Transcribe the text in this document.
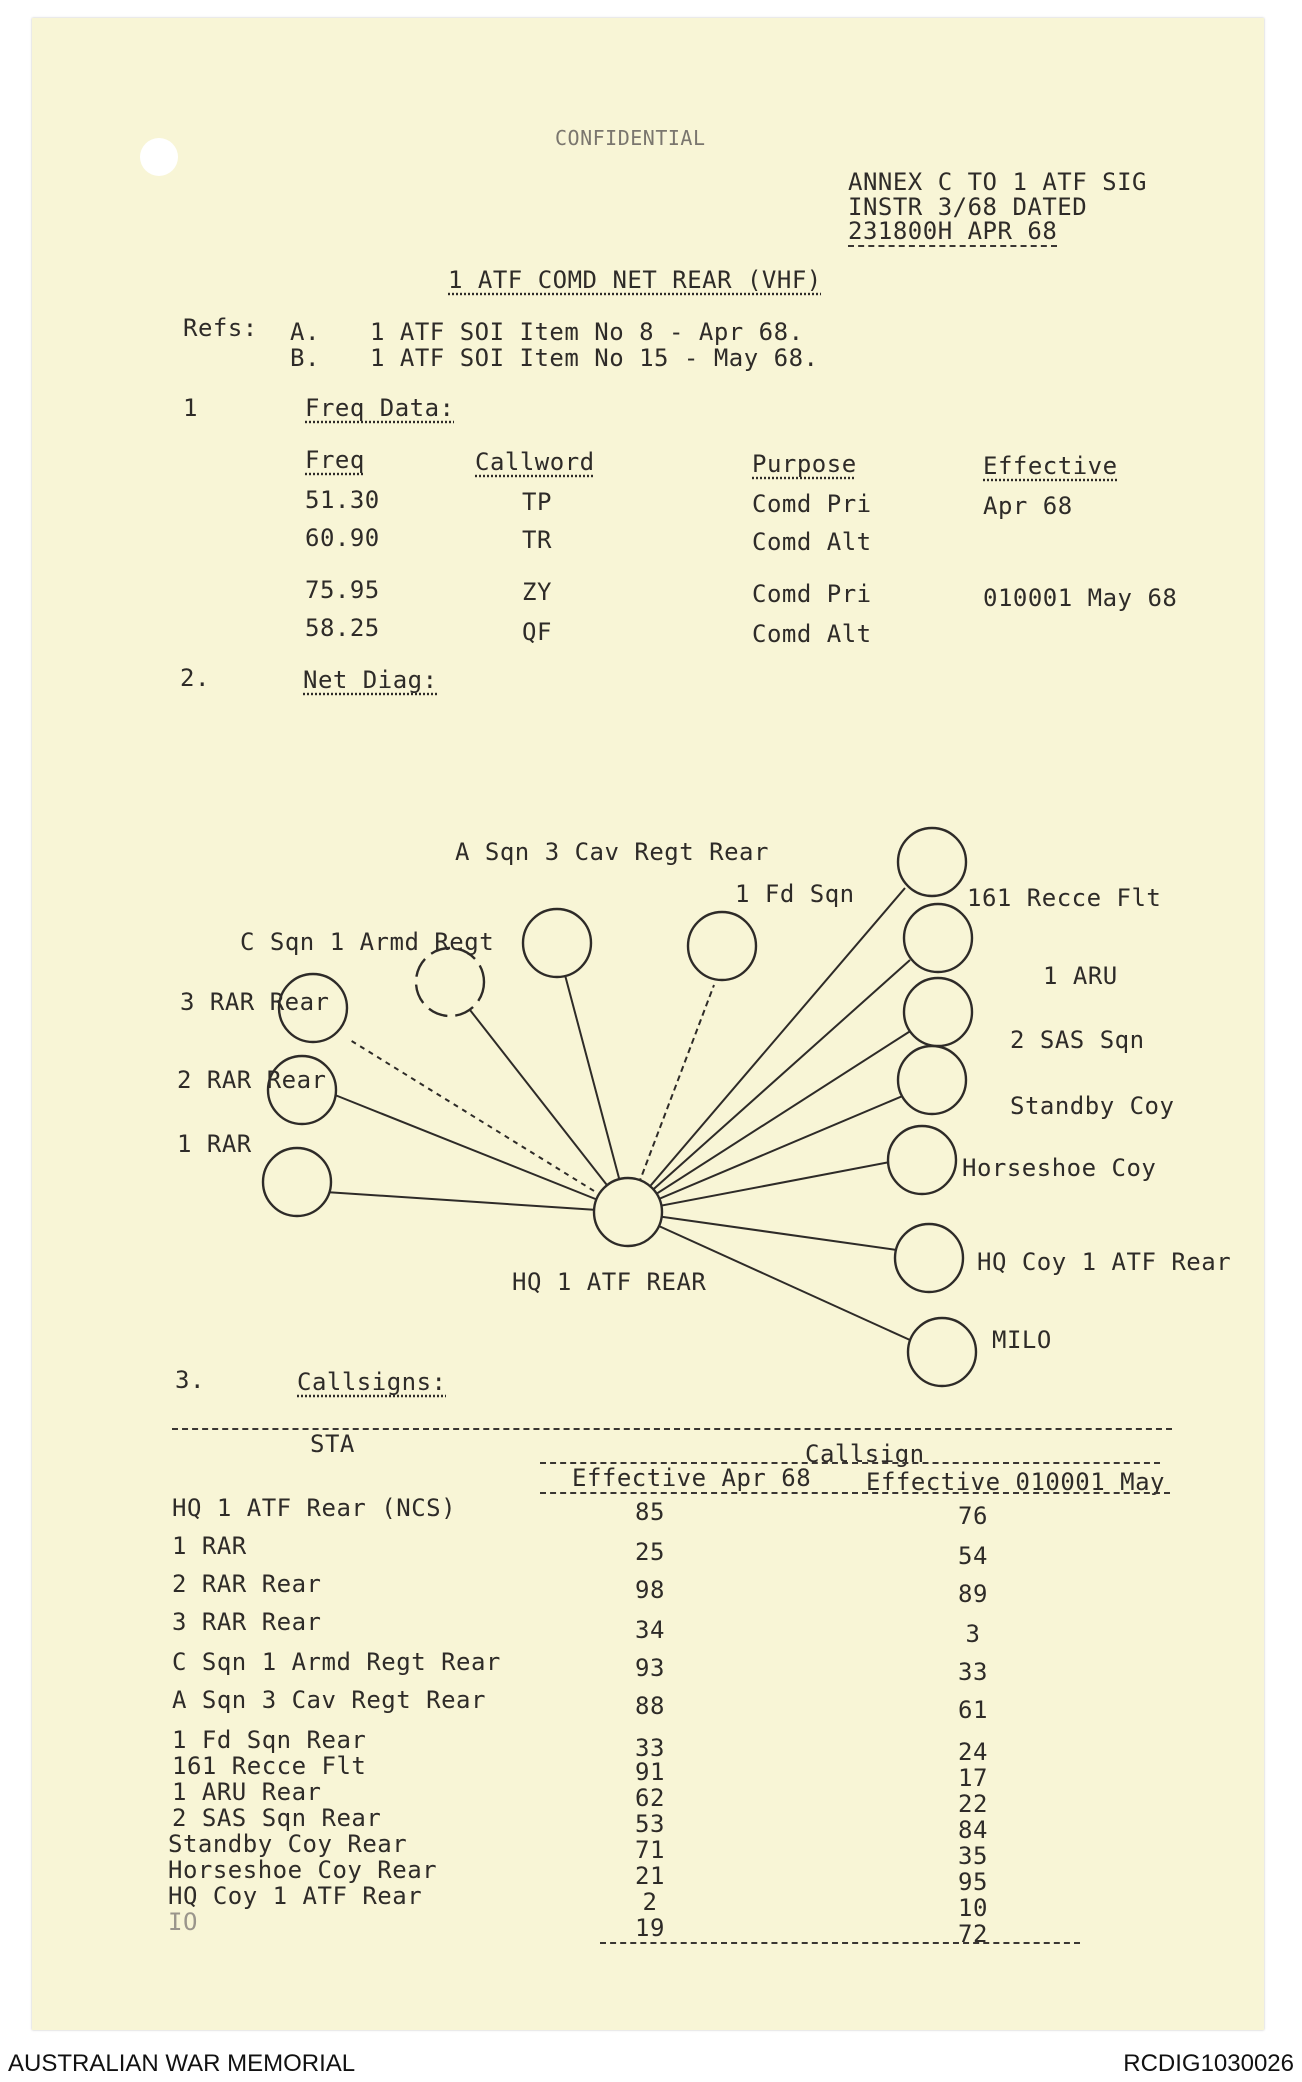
CONFIDENTIAL
ANNEX C TO 1 ATF SIG
INSTR 3/68 DATED
231800H APR 68
1 ATF COMD NET REAR (VHF)
Refs: A. 1 ATF SOI Item No 8 - Apr 68.
B. 1 ATF SOI Item No 15 - May 68.
1	Freq Data:
Freq	Callword	Purpose	Effective
51.30	TP	Comd Pri	Apr 68
60.90	TR	Comd Alt
75.95	ZY	Comd Pri	010001 May 68
58.25	QF	Comd Alt
2.	Net Diag:
3 RAR Rear
2 RAR Rear
1 RAR
C Sqn 1 Armd Regt
A Sqn 3 Cav Regt Rear
1 Fd Sqn	161 Recce Flt
1 ARU
2 SAS Sqn
Standby Coy
Horseshoe Coy
HQ Coy 1 ATF Rear
MILO
HQ 1 ATF REAR
3.	Callsigns:
STA	Callsign
Effective Apr 68 Effective 010001 May
HQ 1 ATF Rear (NCS)	85	76
1 RAR	25	54
2 RAR Rear	98	89
3 RAR Rear	34	3
C Sqn 1 Armd Regt Rear	93	33
A Sqn 3 Cav Regt Rear	88	61
1 Fd Sqn Rear	33	24
161 Recce Flt	91	17
1 ARU Rear	62	22
2 SAS Sqn Rear	53	84
Standby Coy Rear	71	35
Horseshoe Coy Rear	21	95
HQ Coy 1 ATF Rear	2	10
IO	19	72
AUSTRALIAN WAR MEMORIAL	RCDIG1030026
